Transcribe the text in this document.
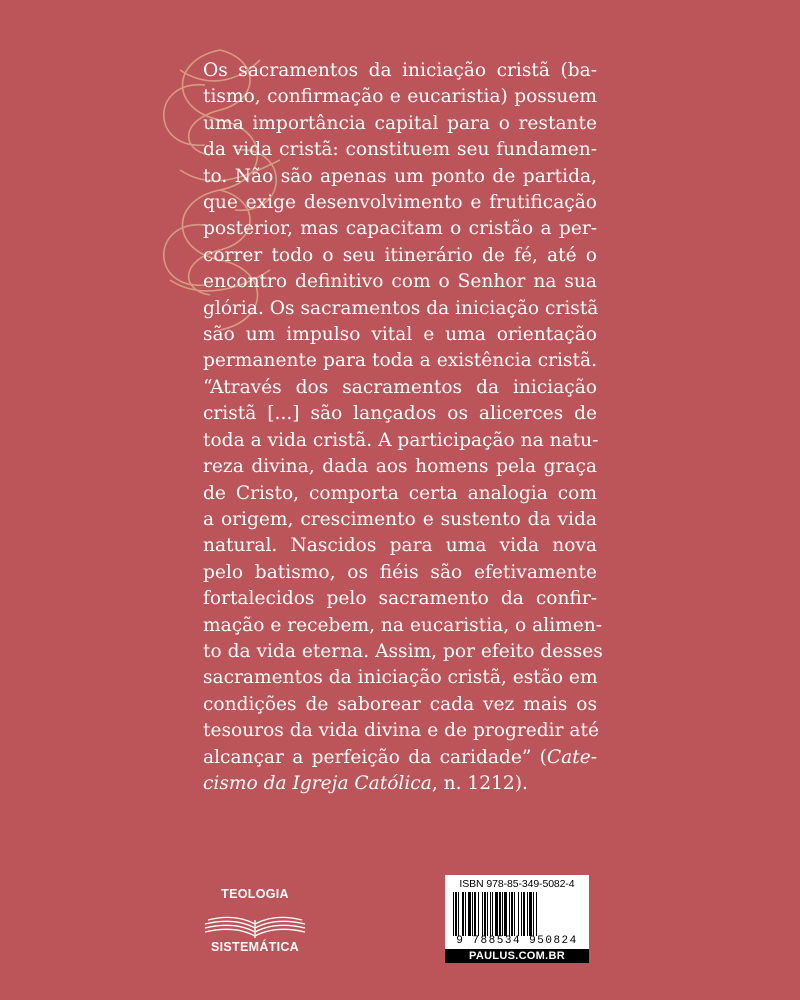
Os sacramentos da iniciação cristã (ba-
tismo, confirmação e eucaristia) possuem
uma importância capital para o restante
da vida cristã: constituem seu fundamen-
to. Não são apenas um ponto de partida,
que exige desenvolvimento e frutificação
posterior, mas capacitam o cristão a per-
correr todo o seu itinerário de fé, até o
encontro definitivo com o Senhor na sua
glória. Os sacramentos da iniciação cristã
são um impulso vital e uma orientação
permanente para toda a existência cristã.
“Através dos sacramentos da iniciação
cristã [...] são lançados os alicerces de
toda a vida cristã. A participação na natu-
reza divina, dada aos homens pela graça
de Cristo, comporta certa analogia com
a origem, crescimento e sustento da vida
natural. Nascidos para uma vida nova
pelo batismo, os fiéis são efetivamente
fortalecidos pelo sacramento da confir-
mação e recebem, na eucaristia, o alimen-
to da vida eterna. Assim, por efeito desses
sacramentos da iniciação cristã, estão em
condições de saborear cada vez mais os
tesouros da vida divina e de progredir até
alcançar a perfeição da caridade” (Cate-
cismo da Igreja Católica, n. 1212).
TEOLOGIA
SISTEMÁTICA
ISBN 978-85-349-5082-4
9 788534 950824
PAULUS.COM.BR
